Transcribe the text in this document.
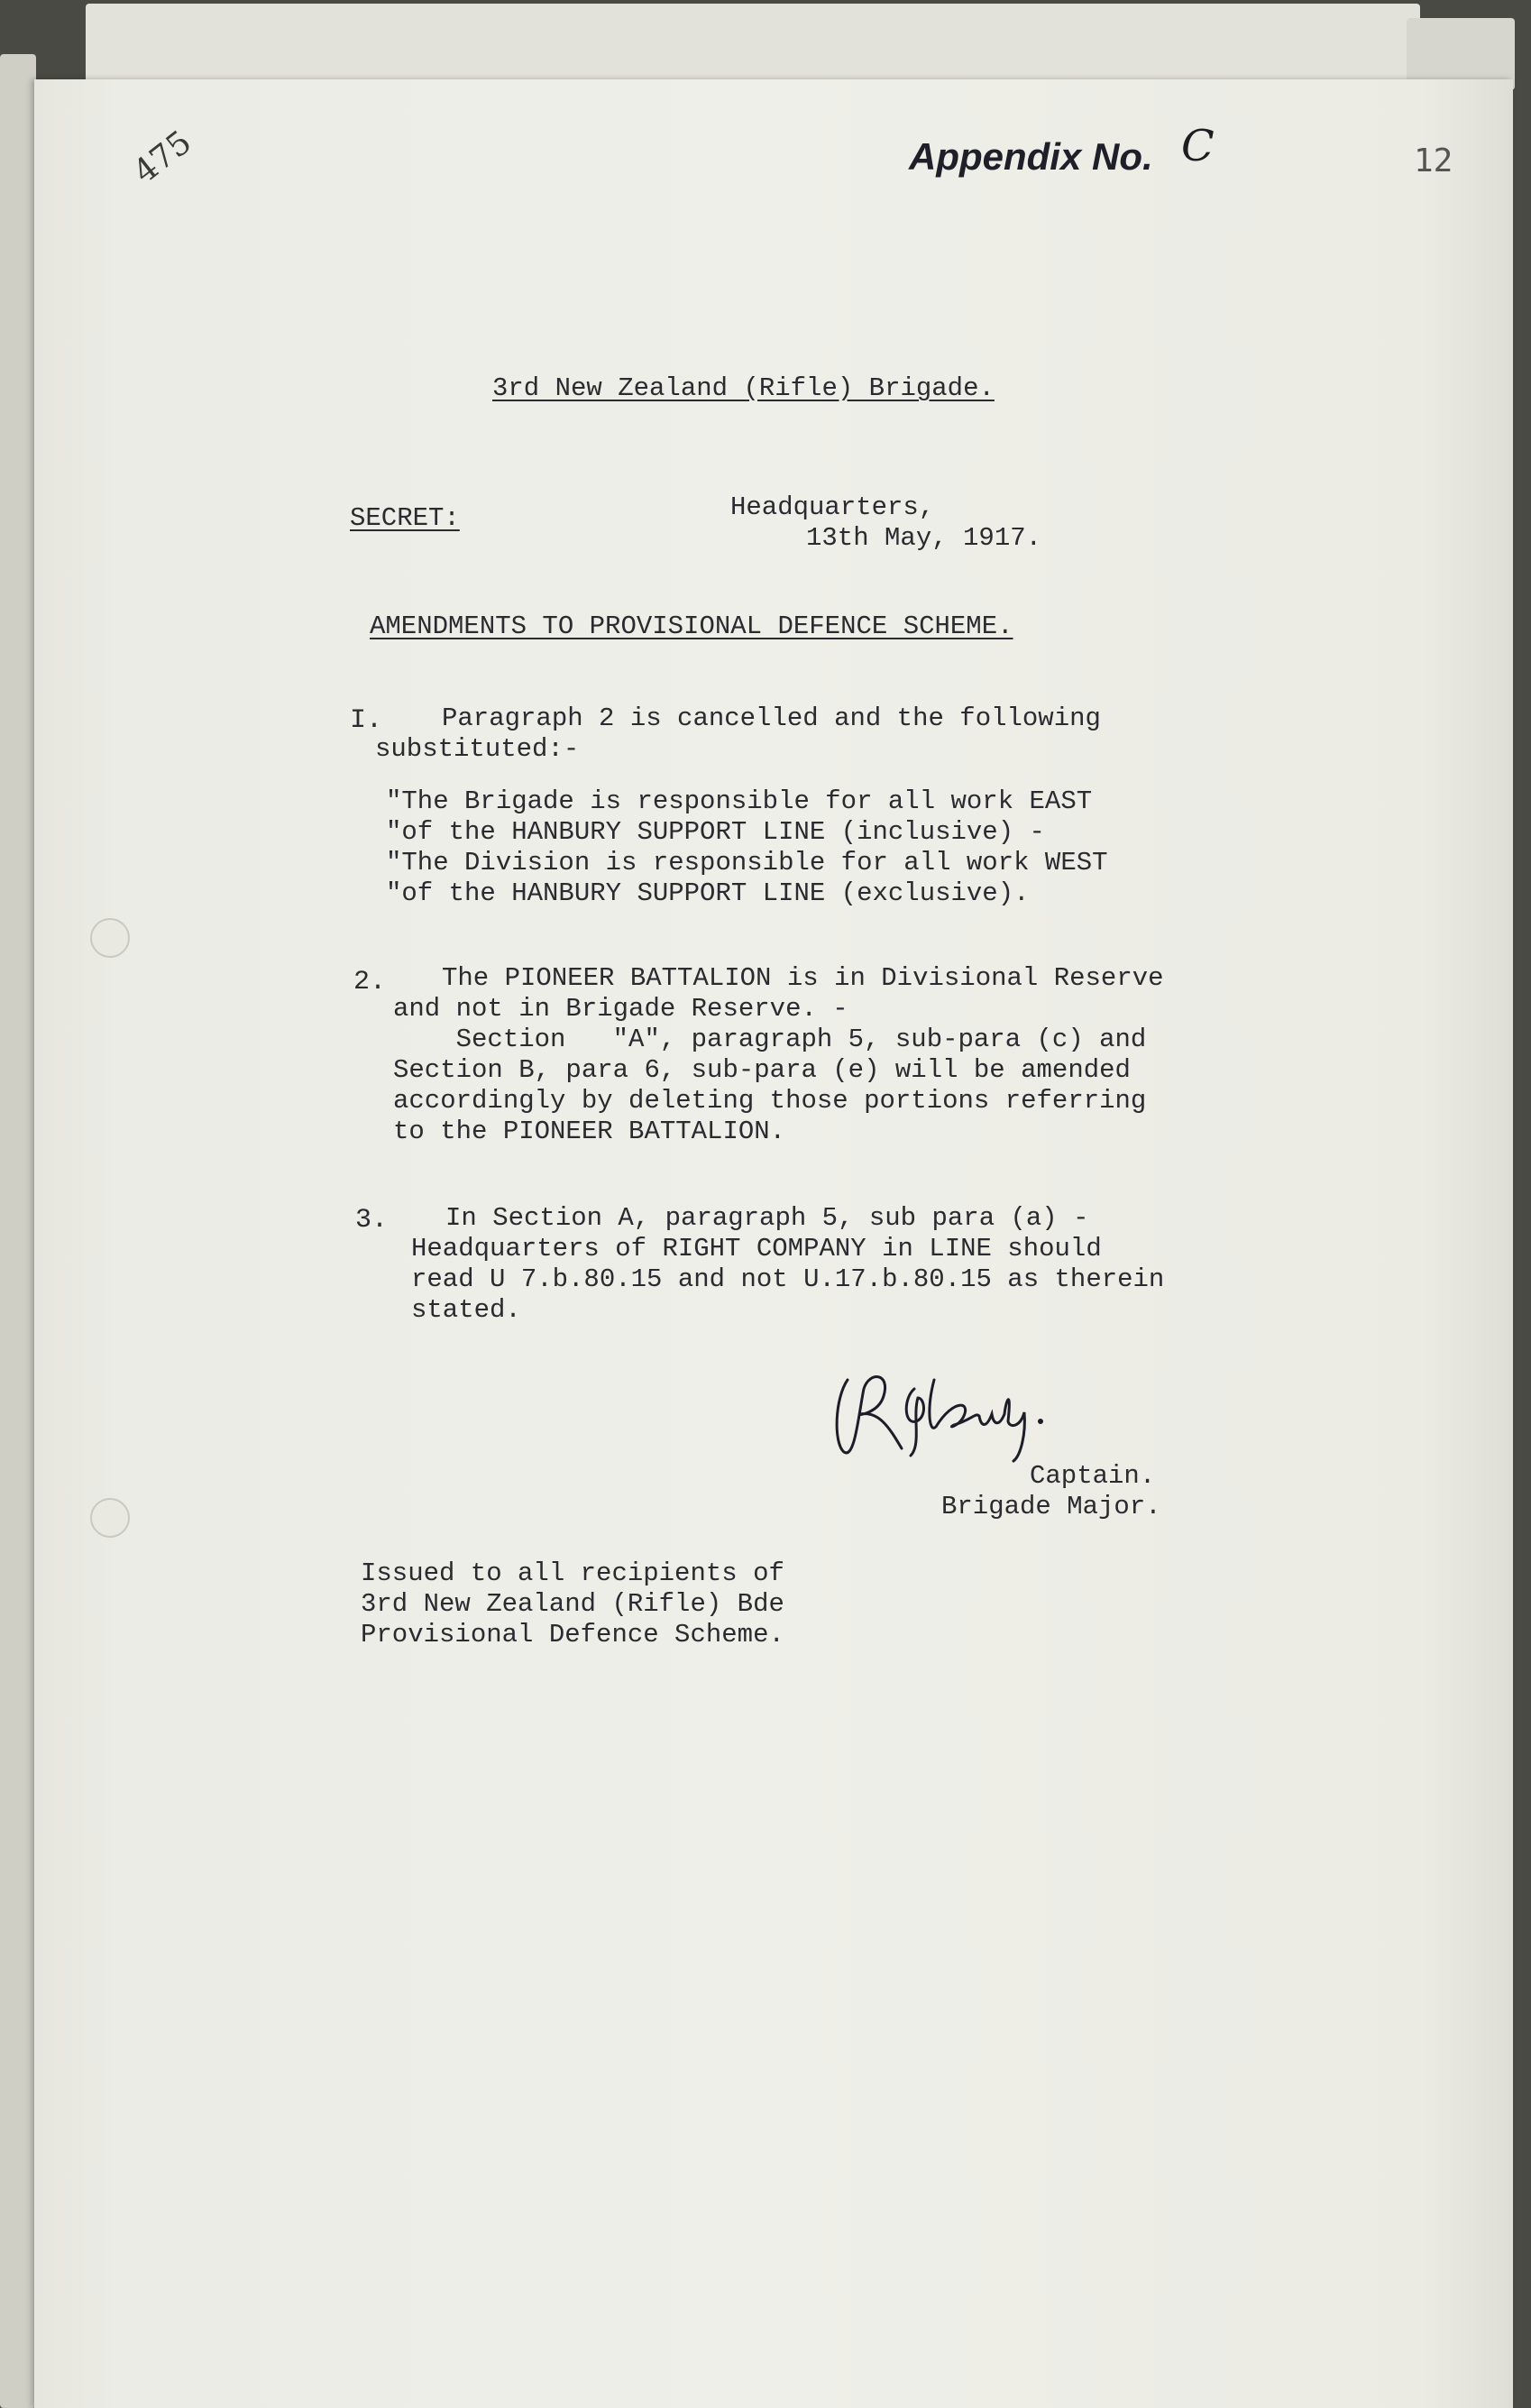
475	Appendix No. C	12
3rd New Zealand (Rifle) Brigade.
SECRET:	Headquarters,
13th May, 1917.
AMENDMENTS TO PROVISIONAL DEFENCE SCHEME.
I. Paragraph 2 is cancelled and the following
substituted:-
"The Brigade is responsible for all work EAST
"of the HANBURY SUPPORT LINE (inclusive) -
"The Division is responsible for all work WEST
"of the HANBURY SUPPORT LINE (exclusive).
2. The PIONEER BATTALION is in Divisional Reserve
and not in Brigade Reserve. -
Section   "A", paragraph 5, sub-para (c) and
Section B, para 6, sub-para (e) will be amended
accordingly by deleting those portions referring
to the PIONEER BATTALION.
3. In Section A, paragraph 5, sub para (a) -
Headquarters of RIGHT COMPANY in LINE should
read U 7.b.80.15 and not U.17.b.80.15 as therein
stated.
Captain.
Brigade Major.
Issued to all recipients of
3rd New Zealand (Rifle) Bde
Provisional Defence Scheme.
